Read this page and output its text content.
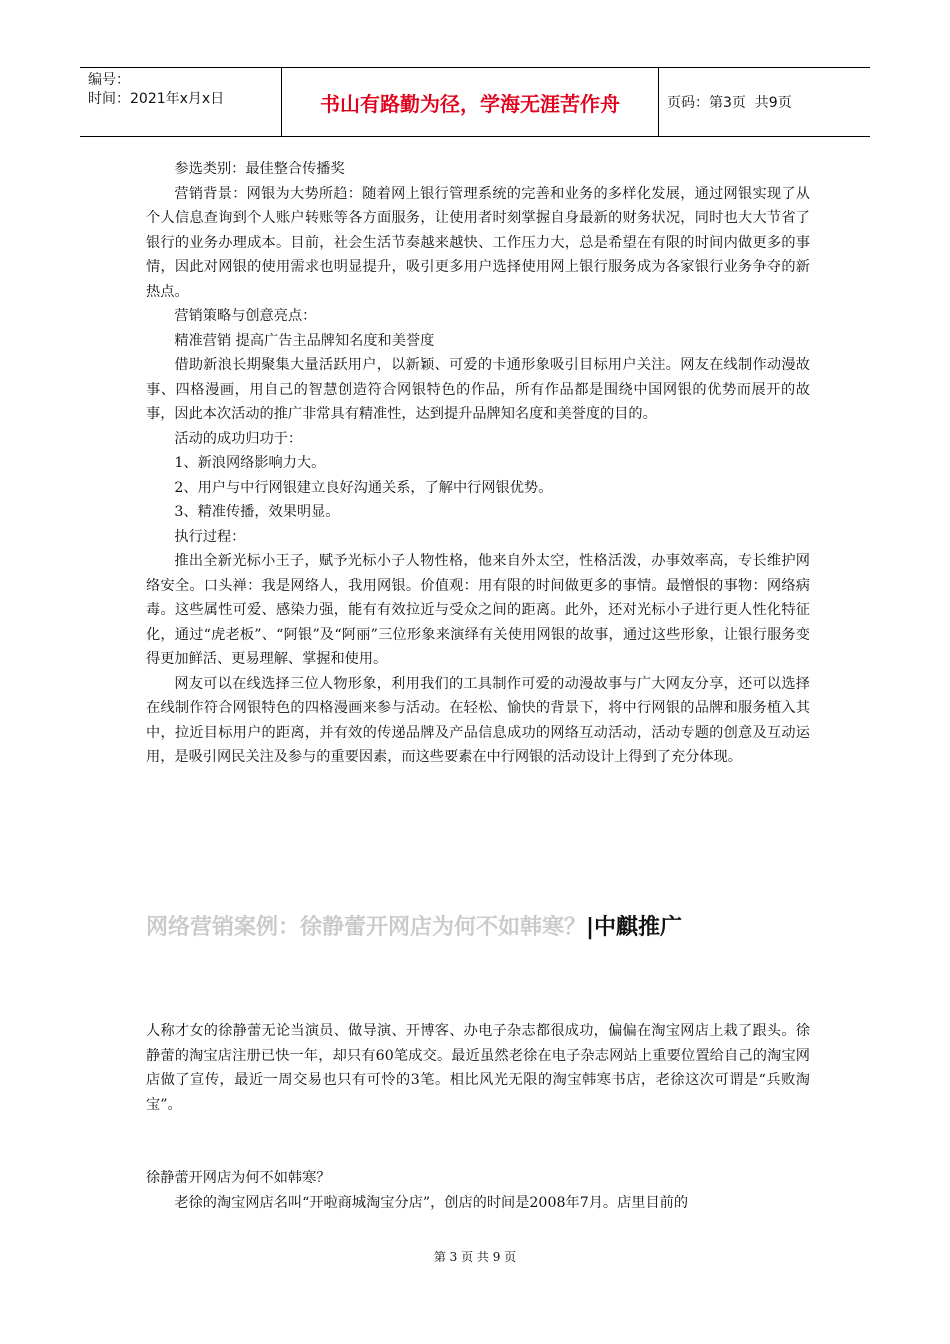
编号：
时间：2021年x月x日	书山有路勤为径，学海无涯苦作舟	页码：第3页  共9页

参选类别：最佳整合传播奖

营销背景：网银为大势所趋：随着网上银行管理系统的完善和业务的多样化发展，通过网银实现了从个人信息查询到个人账户转账等各方面服务，让使用者时刻掌握自身最新的财务状况，同时也大大节省了银行的业务办理成本。目前，社会生活节奏越来越快、工作压力大，总是希望在有限的时间内做更多的事情，因此对网银的使用需求也明显提升，吸引更多用户选择使用网上银行服务成为各家银行业务争夺的新热点。

营销策略与创意亮点：

精准营销 提高广告主品牌知名度和美誉度

借助新浪长期聚集大量活跃用户，以新颖、可爱的卡通形象吸引目标用户关注。网友在线制作动漫故事、四格漫画，用自己的智慧创造符合网银特色的作品，所有作品都是围绕中国网银的优势而展开的故事，因此本次活动的推广非常具有精准性，达到提升品牌知名度和美誉度的目的。

活动的成功归功于：

1、新浪网络影响力大。

2、用户与中行网银建立良好沟通关系，了解中行网银优势。

3、精准传播，效果明显。

执行过程：

推出全新光标小王子，赋予光标小子人物性格，他来自外太空，性格活泼，办事效率高，专长维护网络安全。口头禅：我是网络人，我用网银。价值观：用有限的时间做更多的事情。最憎恨的事物：网络病毒。这些属性可爱、感染力强，能有有效拉近与受众之间的距离。此外，还对光标小子进行更人性化特征化，通过“虎老板”、“阿银”及“阿丽”三位形象来演绎有关使用网银的故事，通过这些形象，让银行服务变得更加鲜活、更易理解、掌握和使用。

网友可以在线选择三位人物形象，利用我们的工具制作可爱的动漫故事与广大网友分享，还可以选择在线制作符合网银特色的四格漫画来参与活动。在轻松、愉快的背景下，将中行网银的品牌和服务植入其中，拉近目标用户的距离，并有效的传递品牌及产品信息成功的网络互动活动，活动专题的创意及互动运用，是吸引网民关注及参与的重要因素，而这些要素在中行网银的活动设计上得到了充分体现。

网络营销案例：徐静蕾开网店为何不如韩寒？|中麒推广

人称才女的徐静蕾无论当演员、做导演、开博客、办电子杂志都很成功，偏偏在淘宝网店上栽了跟头。徐静蕾的淘宝店注册已快一年，却只有60笔成交。最近虽然老徐在电子杂志网站上重要位置给自己的淘宝网店做了宣传，最近一周交易也只有可怜的3笔。相比风光无限的淘宝韩寒书店，老徐这次可谓是“兵败淘宝”。

徐静蕾开网店为何不如韩寒？

老徐的淘宝网店名叫“开啦商城淘宝分店”，创店的时间是2008年7月。店里目前的

第 3 页 共 9 页
